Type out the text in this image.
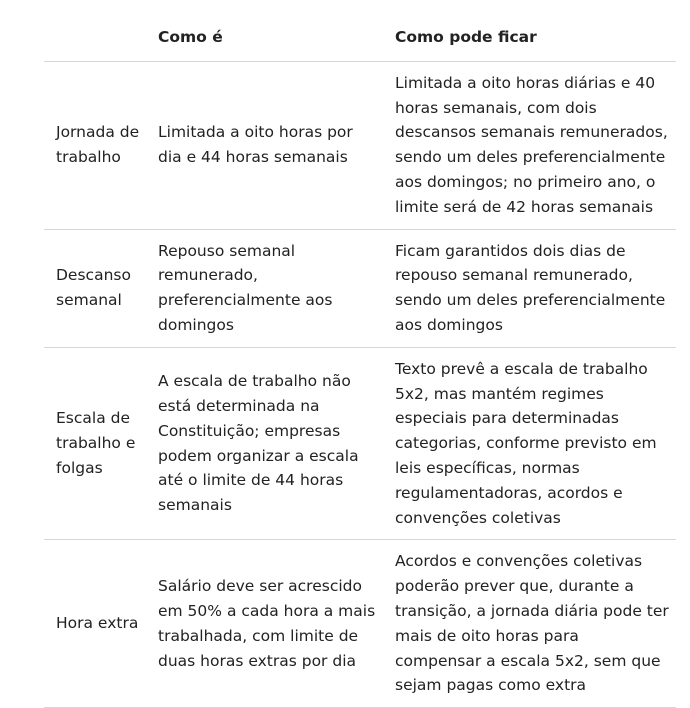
	Como é	Como pode ficar
Jornada de trabalho	Limitada a oito horas por dia e 44 horas semanais	Limitada a oito horas diárias e 40 horas semanais, com dois descansos semanais remunerados, sendo um deles preferencialmente aos domingos; no primeiro ano, o limite será de 42 horas semanais
Descanso semanal	Repouso semanal remunerado, preferencialmente aos domingos	Ficam garantidos dois dias de repouso semanal remunerado, sendo um deles preferencialmente aos domingos
Escala de trabalho e folgas	A escala de trabalho não está determinada na Constituição; empresas podem organizar a escala até o limite de 44 horas semanais	Texto prevê a escala de trabalho 5x2, mas mantém regimes especiais para determinadas categorias, conforme previsto em leis específicas, normas regulamentadoras, acordos e convenções coletivas
Hora extra	Salário deve ser acrescido em 50% a cada hora a mais trabalhada, com limite de duas horas extras por dia	Acordos e convenções coletivas poderão prever que, durante a transição, a jornada diária pode ter mais de oito horas para compensar a escala 5x2, sem que sejam pagas como extra
